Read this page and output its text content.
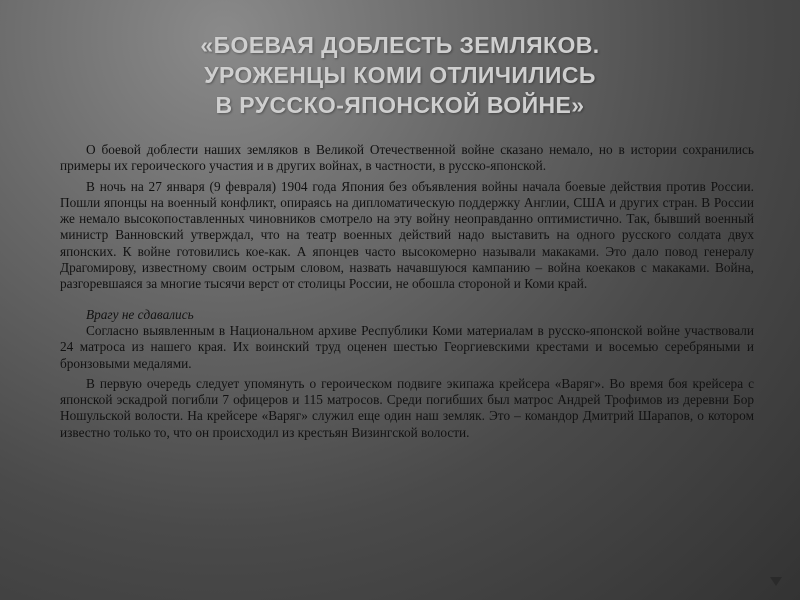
«БОЕВАЯ ДОБЛЕСТЬ ЗЕМЛЯКОВ.
УРОЖЕНЦЫ КОМИ ОТЛИЧИЛИСЬ
В РУССКО-ЯПОНСКОЙ ВОЙНЕ»

О боевой доблести наших земляков в Великой Отечественной войне сказано немало, но в истории сохранились примеры их героического участия и в других войнах, в частности, в русско-японской.

В ночь на 27 января (9 февраля) 1904 года Япония без объявления войны начала боевые действия против России. Пошли японцы на военный конфликт, опираясь на дипломатическую поддержку Англии, США и других стран. В России же немало высокопоставленных чиновников смотрело на эту войну неоправданно оптимистично. Так, бывший военный министр Ванновский утверждал, что на театр военных действий надо выставить на одного русского солдата двух японских. К войне готовились кое-как. А японцев часто высокомерно называли макаками. Это дало повод генералу Драгомирову, известному своим острым словом, назвать начавшуюся кампанию – война коекаков с макаками. Война, разгоревшаяся за многие тысячи верст от столицы России, не обошла стороной и Коми край.

Врагу не сдавались

Согласно выявленным в Национальном архиве Республики Коми материалам в русско-японской войне участвовали 24 матроса из нашего края. Их воинский труд оценен шестью Георгиевскими крестами и восемью серебряными и бронзовыми медалями.

В первую очередь следует упомянуть о героическом подвиге экипажа крейсера «Варяг». Во время боя крейсера с японской эскадрой погибли 7 офицеров и 115 матросов. Среди погибших был матрос Андрей Трофимов из деревни Бор Ношульской волости. На крейсере «Варяг» служил еще один наш земляк. Это – командор Дмитрий Шарапов, о котором известно только то, что он происходил из крестьян Визингской волости.
